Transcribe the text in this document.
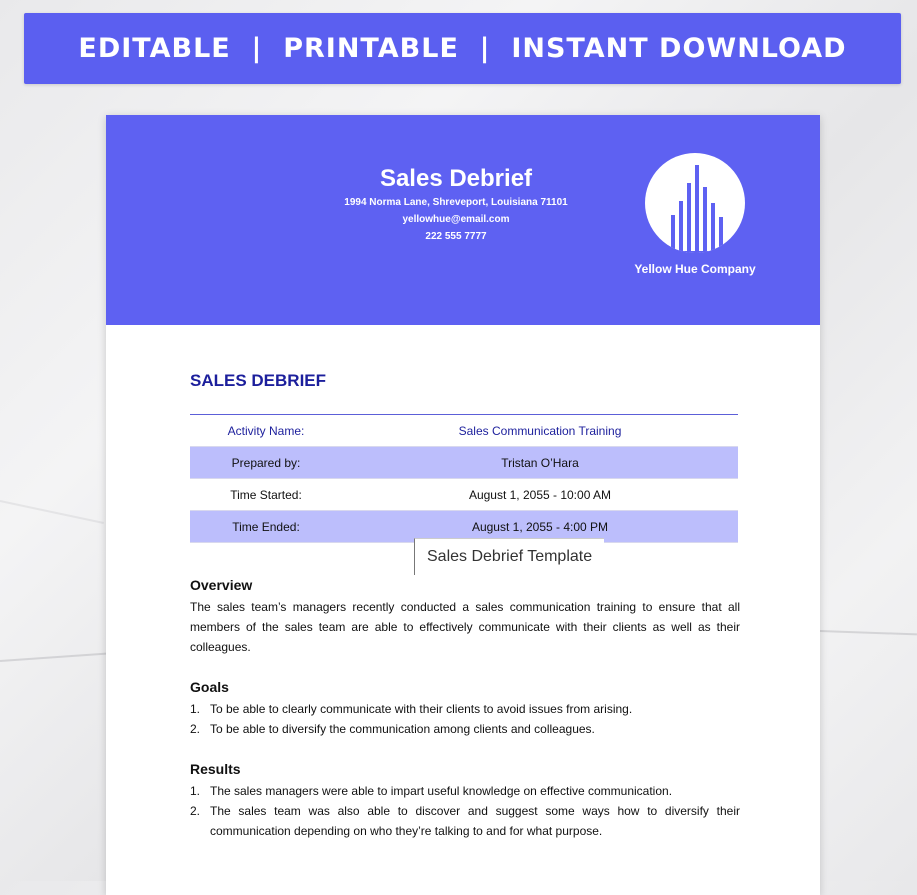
EDITABLE  |  PRINTABLE  |  INSTANT DOWNLOAD
Sales Debrief
1994 Norma Lane, Shreveport, Louisiana 71101
yellowhue@email.com
222 555 7777
Yellow Hue Company
SALES DEBRIEF
Activity Name:	Sales Communication Training
Prepared by:	Tristan O’Hara
Time Started:	August 1, 2055 - 10:00 AM
Time Ended:	August 1, 2055 - 4:00 PM
Sales Debrief Template
Overview
The sales team’s managers recently conducted a sales communication training to ensure that all members of the sales team are able to effectively communicate with their clients as well as their colleagues.
Goals
1. To be able to clearly communicate with their clients to avoid issues from arising.
2. To be able to diversify the communication among clients and colleagues.
Results
1. The sales managers were able to impart useful knowledge on effective communication.
2. The sales team was also able to discover and suggest some ways how to diversify their communication depending on who they’re talking to and for what purpose.
